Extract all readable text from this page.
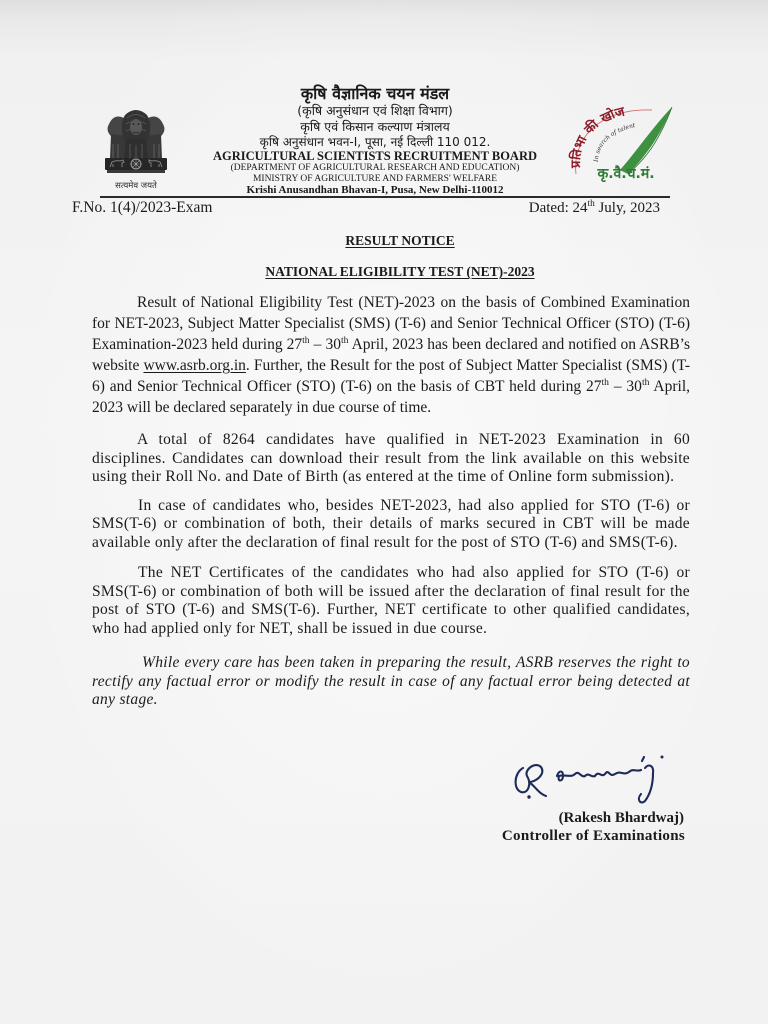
सत्यमेव जयते
कृषि वैज्ञानिक चयन मंडल
(कृषि अनुसंधान एवं शिक्षा विभाग)
कृषि एवं किसान कल्याण मंत्रालय
कृषि अनुसंधान भवन-I, पूसा, नई दिल्ली 110 012.
AGRICULTURAL SCIENTISTS RECRUITMENT BOARD
(DEPARTMENT OF AGRICULTURAL RESEARCH AND EDUCATION)
MINISTRY OF AGRICULTURE AND FARMERS' WELFARE
Krishi Anusandhan Bhavan-I, Pusa, New Delhi-110012
प्रतिभा की खोज
In search of talent
कृ.वै.च.मं.
F.No. 1(4)/2023-Exam	Dated: 24th July, 2023
RESULT NOTICE
NATIONAL ELIGIBILITY TEST (NET)-2023

Result of National Eligibility Test (NET)-2023 on the basis of Combined Examination for NET-2023, Subject Matter Specialist (SMS) (T-6) and Senior Technical Officer (STO) (T-6) Examination-2023 held during 27th – 30th April, 2023 has been declared and notified on ASRB’s website www.asrb.org.in. Further, the Result for the post of Subject Matter Specialist (SMS) (T-6) and Senior Technical Officer (STO) (T-6) on the basis of CBT held during 27th – 30th April, 2023 will be declared separately in due course of time.

A total of 8264 candidates have qualified in NET-2023 Examination in 60 disciplines. Candidates can download their result from the link available on this website using their Roll No. and Date of Birth (as entered at the time of Online form submission).

In case of candidates who, besides NET-2023, had also applied for STO (T-6) or SMS(T-6) or combination of both, their details of marks secured in CBT will be made available only after the declaration of final result for the post of STO (T-6) and SMS(T-6).

The NET Certificates of the candidates who had also applied for STO (T-6) or SMS(T-6) or combination of both will be issued after the declaration of final result for the post of STO (T-6) and SMS(T-6). Further, NET certificate to other qualified candidates, who had applied only for NET, shall be issued in due course.

While every care has been taken in preparing the result, ASRB reserves the right to rectify any factual error or modify the result in case of any factual error being detected at any stage.

(Rakesh Bhardwaj)
Controller of Examinations
